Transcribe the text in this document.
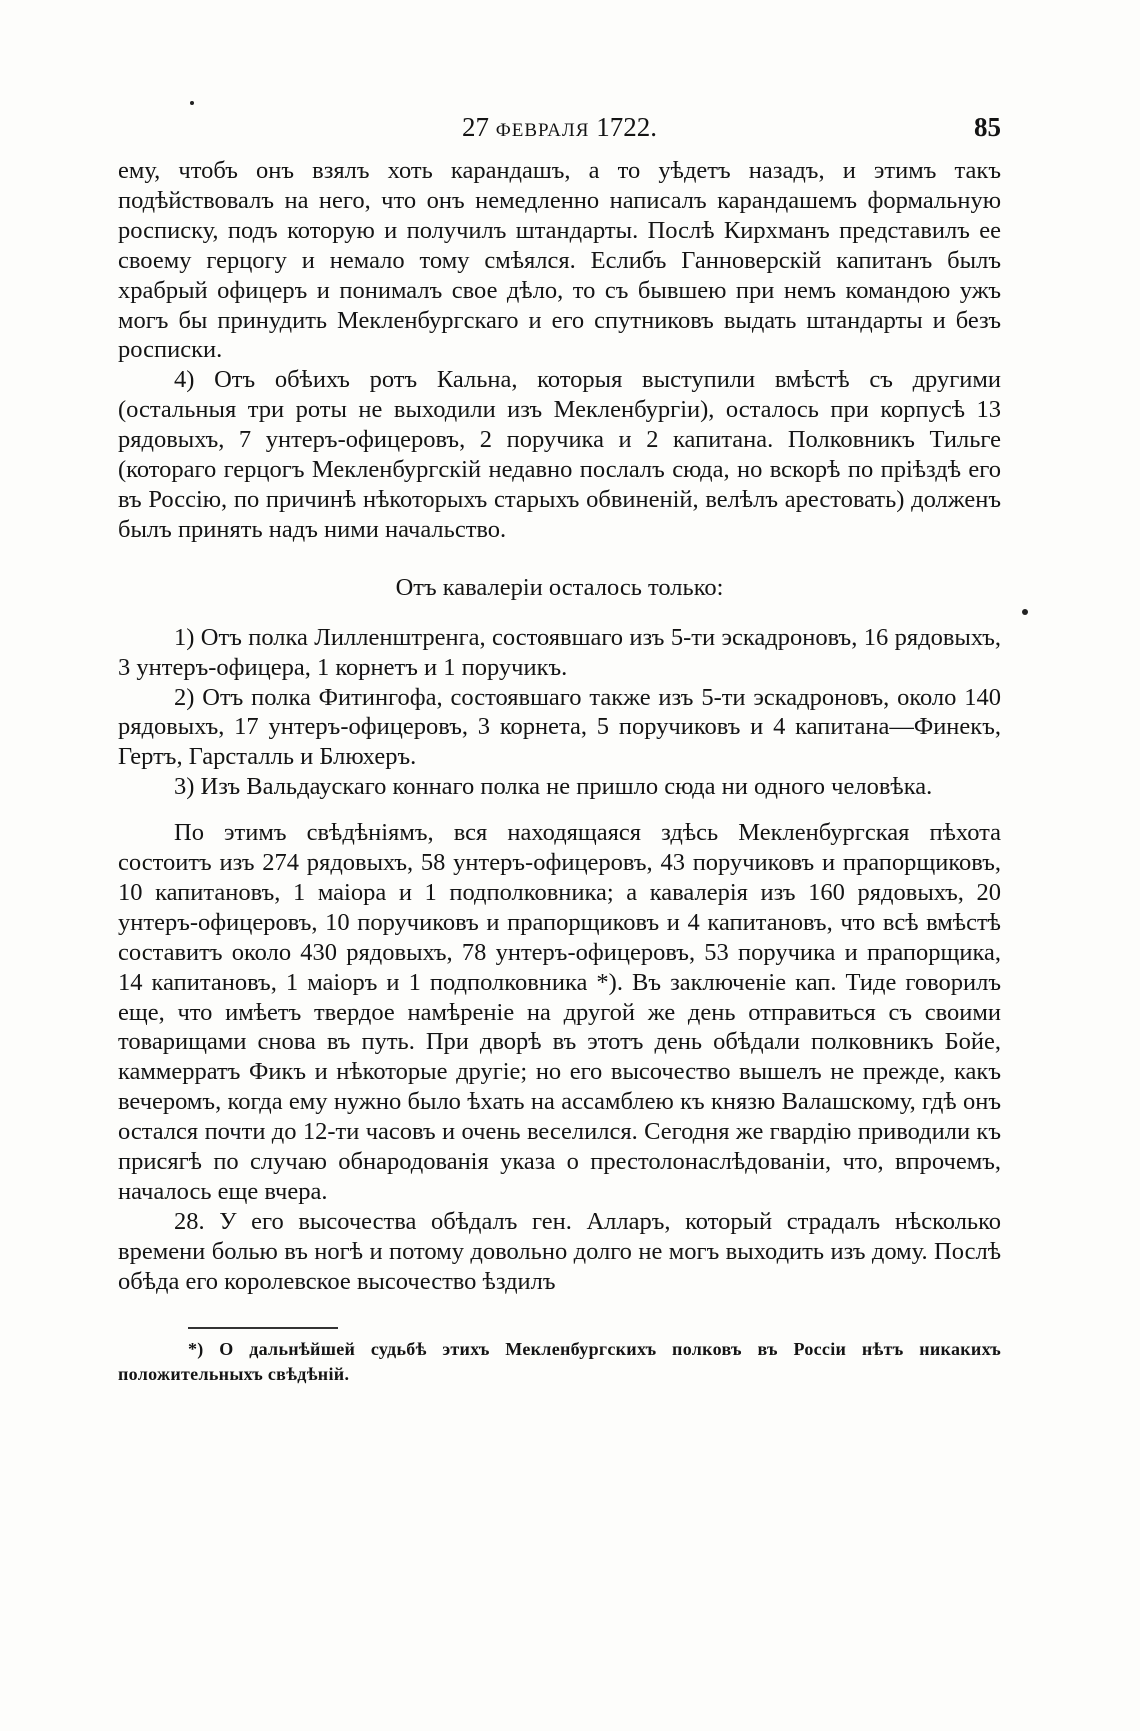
27 февраля 1722.	85

ему, чтобъ онъ взялъ хоть карандашъ, а то уѣдетъ назадъ, и этимъ такъ подѣйствовалъ на него, что онъ немедленно написалъ карандашемъ формальную росписку, подъ которую и получилъ штандарты. Послѣ Кирхманъ представилъ ее своему герцогу и немало тому смѣялся. Еслибъ Ганноверскій капитанъ былъ храбрый офицеръ и понималъ свое дѣло, то съ бывшею при немъ командою ужъ могъ бы принудить Мекленбургскаго и его спутниковъ выдать штандарты и безъ росписки.

4) Отъ обѣихъ ротъ Кальна, которыя выступили вмѣстѣ съ другими (остальныя три роты не выходили изъ Мекленбургіи), осталось при корпусѣ 13 рядовыхъ, 7 унтеръ-офицеровъ, 2 поручика и 2 капитана. Полковникъ Тильге (котораго герцогъ Мекленбургскій недавно послалъ сюда, но вскорѣ по пріѣздѣ его въ Россію, по причинѣ нѣкоторыхъ старыхъ обвиненій, велѣлъ арестовать) долженъ былъ принять надъ ними начальство.

Отъ кавалеріи осталось только:

1) Отъ полка Лилленштренга, состоявшаго изъ 5-ти эскадроновъ, 16 рядовыхъ, 3 унтеръ-офицера, 1 корнетъ и 1 поручикъ.

2) Отъ полка Фитингофа, состоявшаго также изъ 5-ти эскадроновъ, около 140 рядовыхъ, 17 унтеръ-офицеровъ, 3 корнета, 5 поручиковъ и 4 капитана—Финекъ, Гертъ, Гарсталль и Блюхеръ.

3) Изъ Вальдаускаго коннаго полка не пришло сюда ни одного человѣка.

По этимъ свѣдѣніямъ, вся находящаяся здѣсь Мекленбургская пѣхота состоитъ изъ 274 рядовыхъ, 58 унтеръ-офицеровъ, 43 поручиковъ и прапорщиковъ, 10 капитановъ, 1 маіора и 1 подполковника; а кавалерія изъ 160 рядовыхъ, 20 унтеръ-офицеровъ, 10 поручиковъ и прапорщиковъ и 4 капитановъ, что всѣ вмѣстѣ составитъ около 430 рядовыхъ, 78 унтеръ-офицеровъ, 53 поручика и прапорщика, 14 капитановъ, 1 маіоръ и 1 подполковника *). Въ заключеніе кап. Тиде говорилъ еще, что имѣетъ твердое намѣреніе на другой же день отправиться съ своими товарищами снова въ путь. При дворѣ въ этотъ день обѣдали полковникъ Бойе, каммерратъ Фикъ и нѣкоторые другіе; но его высочество вышелъ не прежде, какъ вечеромъ, когда ему нужно было ѣхать на ассамблею къ князю Валашскому, гдѣ онъ остался почти до 12-ти часовъ и очень веселился. Сегодня же гвардію приводили къ присягѣ по случаю обнародованія указа о престолонаслѣдованіи, что, впрочемъ, началось еще вчера.

28. У его высочества обѣдалъ ген. Алларъ, который страдалъ нѣсколько времени болью въ ногѣ и потому довольно долго не могъ выходить изъ дому. Послѣ обѣда его королевское высочество ѣздилъ

*) О дальнѣйшей судьбѣ этихъ Мекленбургскихъ полковъ въ Россіи нѣтъ никакихъ положительныхъ свѣдѣній.
